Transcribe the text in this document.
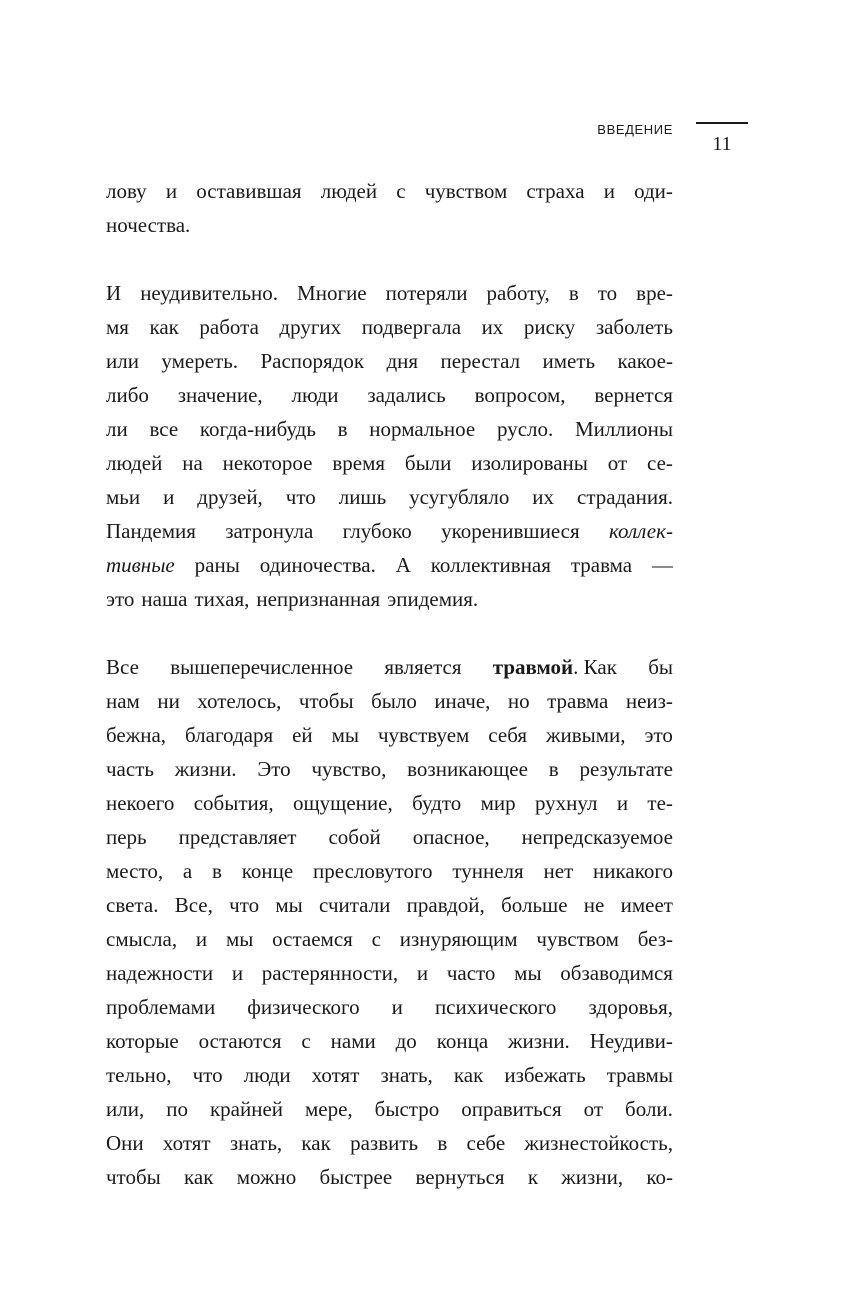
ВВЕДЕНИЕ
11
лову и оставившая людей с чувством страха и оди-
ночества.
И неудивительно. Многие потеряли работу, в то вре-
мя как работа других подвергала их риску заболеть
или умереть. Распорядок дня перестал иметь какое-
либо значение, люди задались вопросом, вернется
ли все когда-нибудь в нормальное русло. Миллионы
людей на некоторое время были изолированы от се-
мьи и друзей, что лишь усугубляло их страдания.
Пандемия затронула глубоко укоренившиеся коллек-
тивные раны одиночества. А коллективная травма —
это наша тихая, непризнанная эпидемия.
Все вышеперечисленное является травмой. Как бы
нам ни хотелось, чтобы было иначе, но травма неиз-
бежна, благодаря ей мы чувствуем себя живыми, это
часть жизни. Это чувство, возникающее в результате
некоего события, ощущение, будто мир рухнул и те-
перь представляет собой опасное, непредсказуемое
место, а в конце пресловутого туннеля нет никакого
света. Все, что мы считали правдой, больше не имеет
смысла, и мы остаемся с изнуряющим чувством без-
надежности и растерянности, и часто мы обзаводимся
проблемами физического и психического здоровья,
которые остаются с нами до конца жизни. Неудиви-
тельно, что люди хотят знать, как избежать травмы
или, по крайней мере, быстро оправиться от боли.
Они хотят знать, как развить в себе жизнестойкость,
чтобы как можно быстрее вернуться к жизни, ко-
